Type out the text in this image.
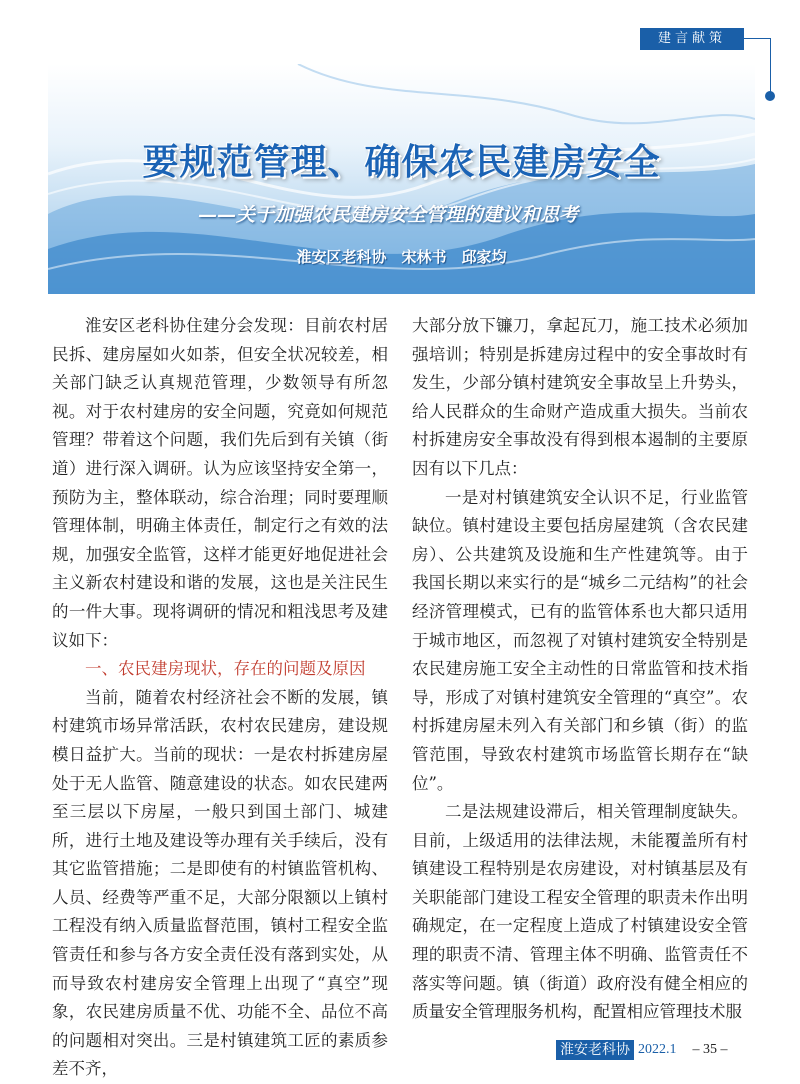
建言献策
要规范管理、确保农民建房安全
——关于加强农民建房安全管理的建议和思考
淮安区老科协　宋林书　邱家均

淮安区老科协住建分会发现：目前农村居民拆、建房屋如火如荼，但安全状况较差，相关部门缺乏认真规范管理，少数领导有所忽视。对于农村建房的安全问题，究竟如何规范管理？带着这个问题，我们先后到有关镇（街道）进行深入调研。认为应该坚持安全第一，预防为主，整体联动，综合治理；同时要理顺管理体制，明确主体责任，制定行之有效的法规，加强安全监管，这样才能更好地促进社会主义新农村建设和谐的发展，这也是关注民生的一件大事。现将调研的情况和粗浅思考及建议如下：

一、农民建房现状，存在的问题及原因

当前，随着农村经济社会不断的发展，镇村建筑市场异常活跃，农村农民建房，建设规模日益扩大。当前的现状：一是农村拆建房屋处于无人监管、随意建设的状态。如农民建两至三层以下房屋，一般只到国土部门、城建所，进行土地及建设等办理有关手续后，没有其它监管措施；二是即使有的村镇监管机构、人员、经费等严重不足，大部分限额以上镇村工程没有纳入质量监督范围，镇村工程安全监管责任和参与各方安全责任没有落到实处，从而导致农村建房安全管理上出现了“真空”现象，农民建房质量不优、功能不全、品位不高的问题相对突出。三是村镇建筑工匠的素质参差不齐，

大部分放下镰刀，拿起瓦刀，施工技术必须加强培训；特别是拆建房过程中的安全事故时有发生，少部分镇村建筑安全事故呈上升势头，给人民群众的生命财产造成重大损失。当前农村拆建房安全事故没有得到根本遏制的主要原因有以下几点：

一是对村镇建筑安全认识不足，行业监管缺位。镇村建设主要包括房屋建筑（含农民建房）、公共建筑及设施和生产性建筑等。由于我国长期以来实行的是“城乡二元结构”的社会经济管理模式，已有的监管体系也大都只适用于城市地区，而忽视了对镇村建筑安全特别是农民建房施工安全主动性的日常监管和技术指导，形成了对镇村建筑安全管理的“真空”。农村拆建房屋未列入有关部门和乡镇（街）的监管范围，导致农村建筑市场监管长期存在“缺位”。

二是法规建设滞后，相关管理制度缺失。目前，上级适用的法律法规，未能覆盖所有村镇建设工程特别是农房建设，对村镇基层及有关职能部门建设工程安全管理的职责未作出明确规定，在一定程度上造成了村镇建设安全管理的职责不清、管理主体不明确、监管责任不落实等问题。镇（街道）政府没有健全相应的质量安全管理服务机构，配置相应管理技术服

淮安老科协 2022.1 – 35 –
